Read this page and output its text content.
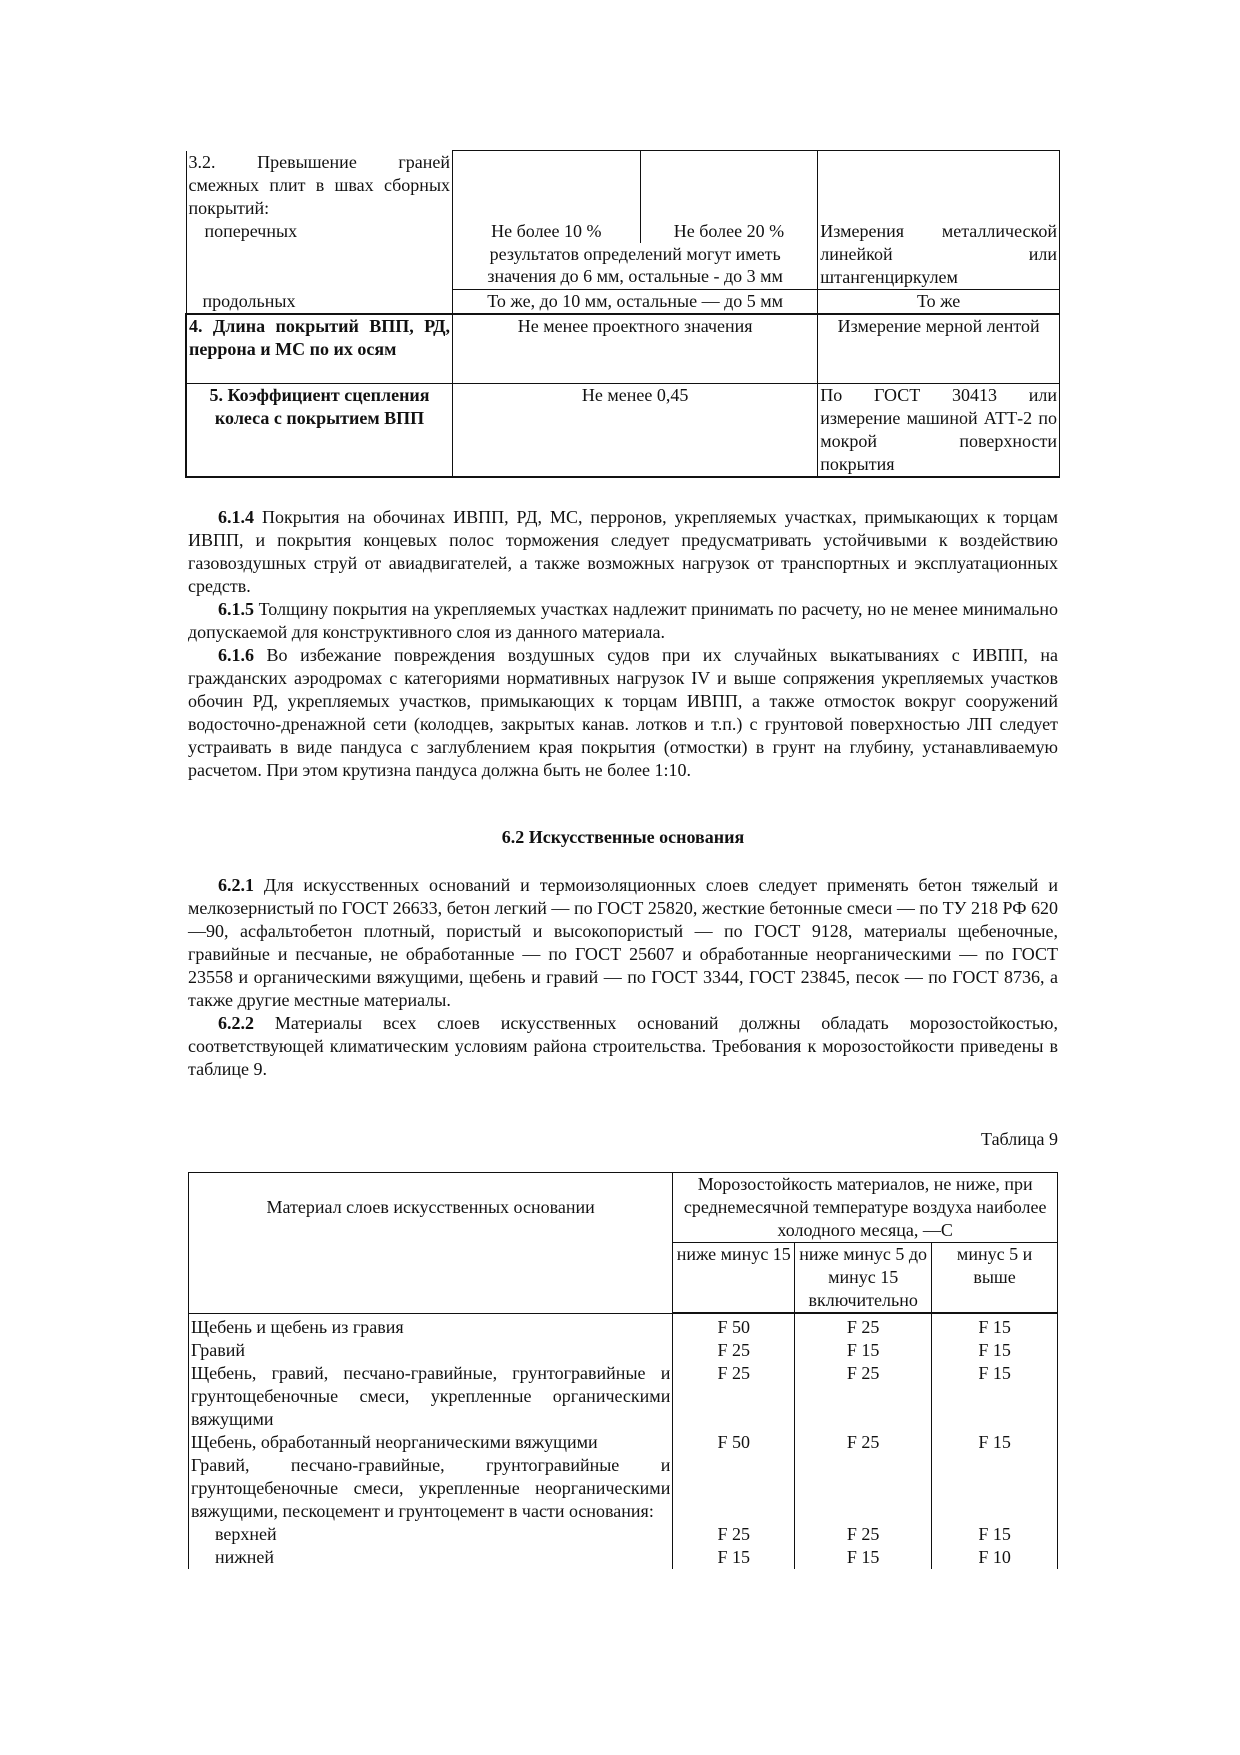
3.2. Превышение граней смежных плит в швах сборных покрытий:
поперечных	Не более 10 %	Не более 20 %	Измерения металлической линейкой или штангенциркулем
	результатов определений могут иметь значения до 6 мм, остальные - до 3 мм		
продольных	То же, до 10 мм, остальные — до 5 мм		То же
4. Длина покрытий ВПП, РД, перрона и МС по их осям	Не менее проектного значения		Измерение мерной лентой
5. Коэффициент сцепления колеса с покрытием ВПП	Не менее 0,45		По ГОСТ 30413 или измерение машиной АТТ-2 по мокрой поверхности покрытия

6.1.4 Покрытия на обочинах ИВПП, РД, МС, перронов, укрепляемых участках, примыкающих к торцам ИВПП, и покрытия концевых полос торможения следует предусматривать устойчивыми к воздействию газовоздушных струй от авиадвигателей, а также возможных нагрузок от транспортных и эксплуатационных средств.

6.1.5 Толщину покрытия на укрепляемых участках надлежит принимать по расчету, но не менее минимально допускаемой для конструктивного слоя из данного материала.

6.1.6 Во избежание повреждения воздушных судов при их случайных выкатываниях с ИВПП, на гражданских аэродромах с категориями нормативных нагрузок IV и выше сопряжения укрепляемых участков обочин РД, укрепляемых участков, примыкающих к торцам ИВПП, а также отмосток вокруг сооружений водосточно-дренажной сети (колодцев, закрытых канав. лотков и т.п.) с грунтовой поверхностью ЛП следует устраивать в виде пандуса с заглублением края покрытия (отмостки) в грунт на глубину, устанавливаемую расчетом. При этом крутизна пандуса должна быть не более 1:10.

6.2 Искусственные основания

6.2.1 Для искусственных оснований и термоизоляционных слоев следует применять бетон тяжелый и мелкозернистый по ГОСТ 26633, бетон легкий — по ГОСТ 25820, жесткие бетонные смеси — по ТУ 218 РФ 620—90, асфальтобетон плотный, пористый и высокопористый — по ГОСТ 9128, материалы щебеночные, гравийные и песчаные, не обработанные — по ГОСТ 25607 и обработанные неорганическими — по ГОСТ 23558 и органическими вяжущими, щебень и гравий — по ГОСТ 3344, ГОСТ 23845, песок — по ГОСТ 8736, а также другие местные материалы.

6.2.2 Материалы всех слоев искусственных оснований должны обладать морозостойкостью, соответствующей климатическим условиям района строительства. Требования к морозостойкости приведены в таблице 9.

Таблица 9
Материал слоев искусственных основании	Морозостойкость материалов, не ниже, при среднемесячной температуре воздуха наиболее холодного месяца, —С		
	ниже минус 15	ниже минус 5 до минус 15 включительно	минус 5 и выше
Щебень и щебень из гравия	F 50	F 25	F 15
Гравий	F 25	F 15	F 15
Щебень, гравий, песчано-гравийные, грунтогравийные и грунтощебеночные смеси, укрепленные органическими вяжущими	F 25	F 25	F 15
Щебень, обработанный неорганическими вяжущими	F 50	F 25	F 15
Гравий, песчано-гравийные, грунтогравийные и грунтощебеночные смеси, укрепленные неорганическими вяжущими, пескоцемент и грунтоцемент в части основания:			
верхней	F 25	F 25	F 15
нижней	F 15	F 15	F 10
